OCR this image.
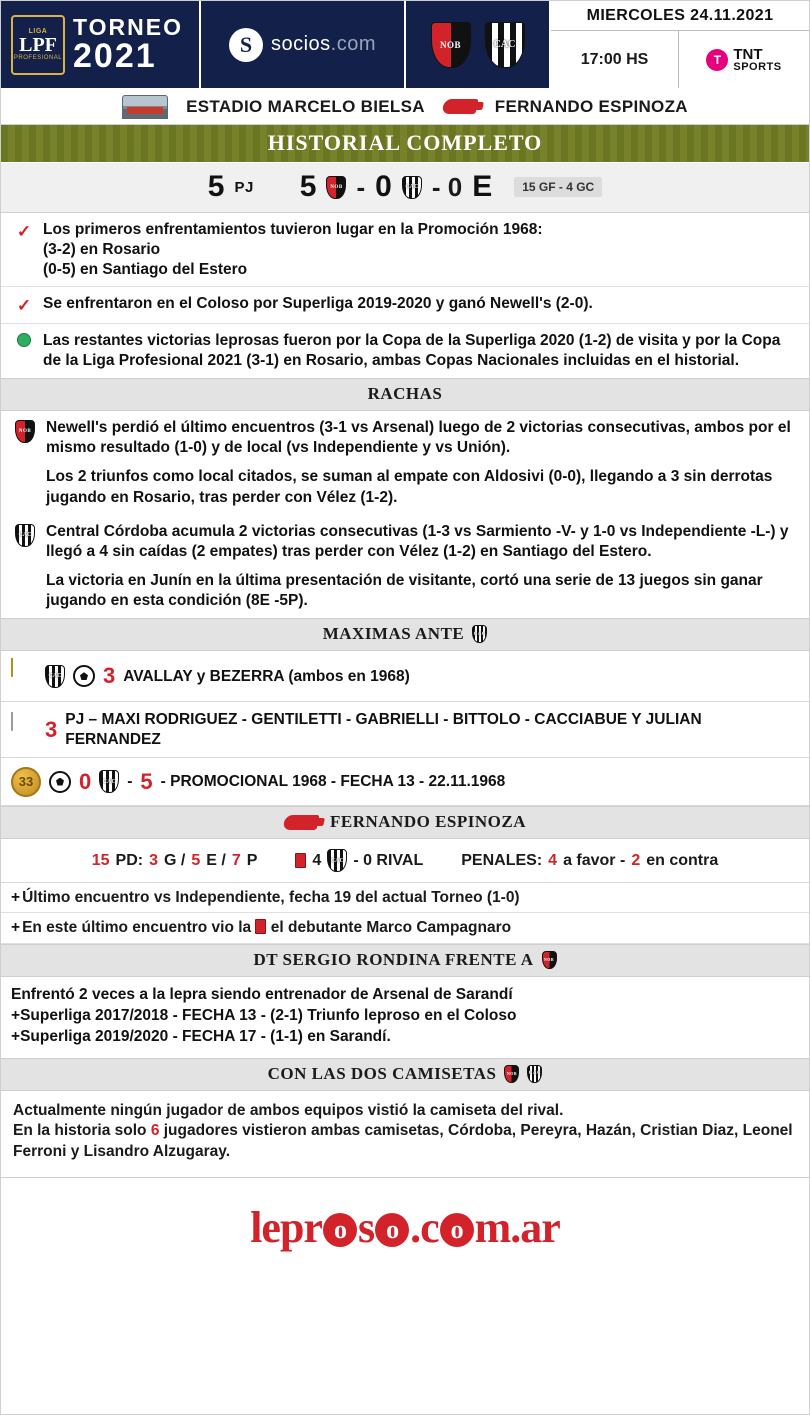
LIGA
LPF
PROFESIONAL
TORNEO
2021	S socios.com	NOB	CAC
MIERCOLES 24.11.2021
17:00 HS	T TNT
SPORTS
ESTADIO MARCELO BIELSA	FERNANDO ESPINOZA
HISTORIAL COMPLETO
5 PJ 5	NOB - 0 CAC - 0 E	15 GF - 4 GC
✓ Los primeros enfrentamientos tuvieron lugar en la Promoción 1968:
(3-2) en Rosario
(0-5) en Santiago del Estero
✓ Se enfrentaron en el Coloso por Superliga 2019-2020 y ganó Newell's (2-0).
Las restantes victorias leprosas fueron por la Copa de la Superliga 2020 (1-2) de visita y por la Copa de la Liga Profesional 2021 (3-1) en Rosario, ambas Copas Nacionales incluidas en el historial.
RACHAS
NOB Newell's perdió el último encuentros (3-1 vs Arsenal) luego de 2 victorias consecutivas, ambos por el mismo resultado (1-0) y de local (vs Independiente y vs Unión).
Los 2 triunfos como local citados, se suman al empate con Aldosivi (0-0), llegando a 3 sin derrotas jugando en Rosario, tras perder con Vélez (1-2).
CAC Central Córdoba acumula 2 victorias consecutivas (1-3 vs Sarmiento -V- y 1-0 vs Independiente -L-) y llegó a 4 sin caídas (2 empates) tras perder con Vélez (1-2) en Santiago del Estero.
La victoria en Junín en la última presentación de visitante, cortó una serie de 13 juegos sin ganar jugando en esta condición (8E -5P).
MAXIMAS ANTE CAC
CAC 3 AVALLAY y BEZERRA (ambos en 1968)
3 PJ – MAXI RODRIGUEZ - GENTILETTI - GABRIELLI - BITTOLO - CACCIABUE Y JULIAN FERNANDEZ
33	0 CAC - 5 - PROMOCIONAL 1968 - FECHA 13 - 22.11.1968
FERNANDO ESPINOZA
15 PD: 3 G / 5 E / 7 P	4 CAC - 0 RIVAL PENALES: 4 a favor - 2 en contra
+ Último encuentro vs Independiente, fecha 19 del actual Torneo (1-0)
+ En este último encuentro vio la  el debutante Marco Campagnaro
DT SERGIO RONDINA FRENTE A	NOB
Enfrentó 2 veces a la lepra siendo entrenador de Arsenal de Sarandí
+Superliga 2017/2018 - FECHA 13 - (2-1) Triunfo leproso en el Coloso
+Superliga 2019/2020 - FECHA 17 - (1-1) en Sarandí.
CON LAS DOS CAMISETAS	NOB CAC
Actualmente ningún jugador de ambos equipos vistió la camiseta del rival.
En la historia solo 6 jugadores vistieron ambas camisetas, Córdoba, Pereyra, Hazán, Cristian Diaz, Leonel Ferroni y Lisandro Alzugaray.
lepr o s o .c o m.ar
